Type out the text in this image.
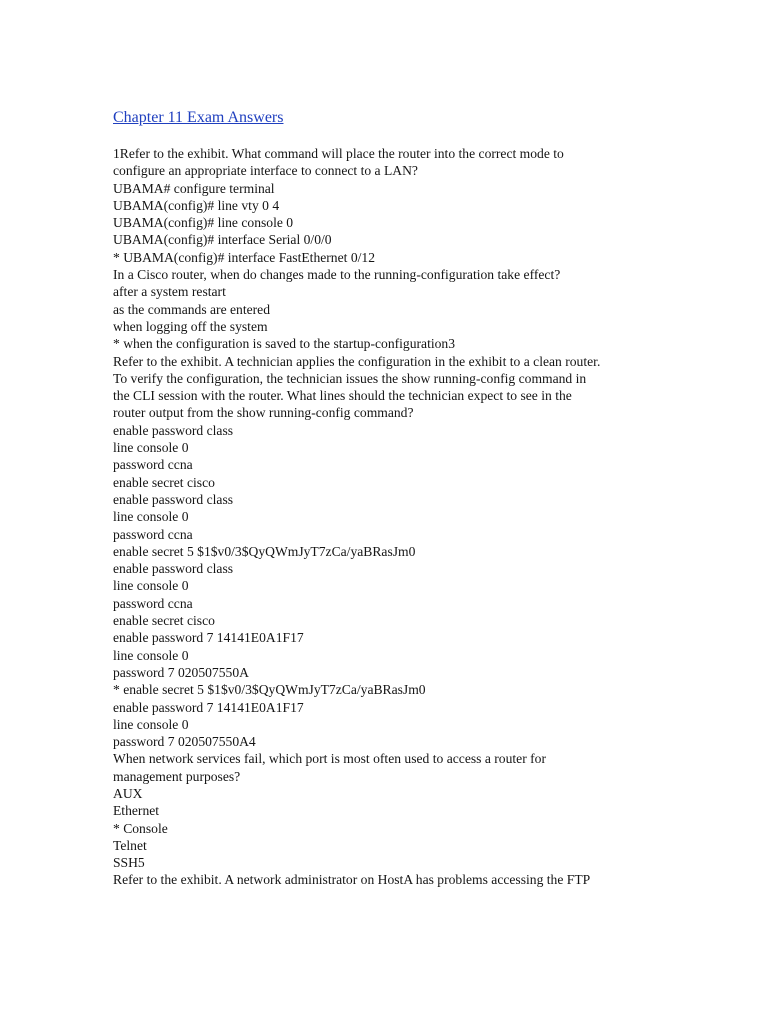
Chapter 11 Exam Answers
1Refer to the exhibit. What command will place the router into the correct mode to
configure an appropriate interface to connect to a LAN?
UBAMA# configure terminal
UBAMA(config)# line vty 0 4
UBAMA(config)# line console 0
UBAMA(config)# interface Serial 0/0/0
* UBAMA(config)# interface FastEthernet 0/12
In a Cisco router, when do changes made to the running-configuration take effect?
after a system restart
as the commands are entered
when logging off the system
* when the configuration is saved to the startup-configuration3
Refer to the exhibit. A technician applies the configuration in the exhibit to a clean router.
To verify the configuration, the technician issues the show running-config command in
the CLI session with the router. What lines should the technician expect to see in the
router output from the show running-config command?
enable password class
line console 0
password ccna
enable secret cisco
enable password class
line console 0
password ccna
enable secret 5 $1$v0/3$QyQWmJyT7zCa/yaBRasJm0
enable password class
line console 0
password ccna
enable secret cisco
enable password 7 14141E0A1F17
line console 0
password 7 020507550A
* enable secret 5 $1$v0/3$QyQWmJyT7zCa/yaBRasJm0
enable password 7 14141E0A1F17
line console 0
password 7 020507550A4
When network services fail, which port is most often used to access a router for
management purposes?
AUX
Ethernet
* Console
Telnet
SSH5
Refer to the exhibit. A network administrator on HostA has problems accessing the FTP
